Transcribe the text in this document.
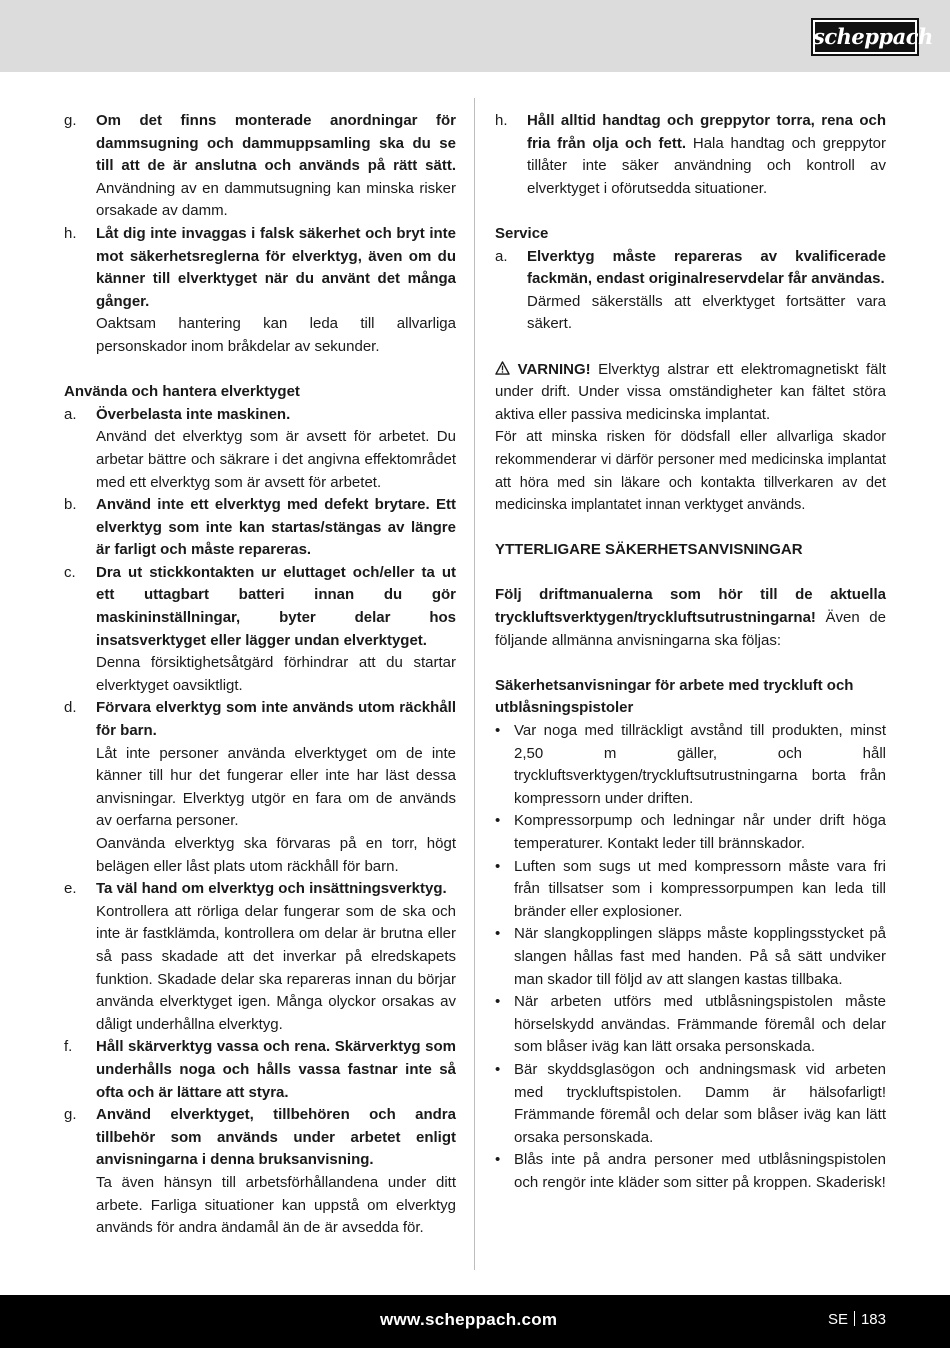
scheppach
g. Om det finns monterade anordningar för dammsugning och dammuppsamling ska du se till att de är anslutna och används på rätt sätt. Användning av en dammutsugning kan minska risker orsakade av damm.
h. Låt dig inte invaggas i falsk säkerhet och bryt inte mot säkerhetsreglerna för elverktyg, även om du känner till elverktyget när du använt det många gånger.
Oaktsam hantering kan leda till allvarliga personskador inom bråkdelar av sekunder.
Använda och hantera elverktyget
a. Överbelasta inte maskinen.
Använd det elverktyg som är avsett för arbetet. Du arbetar bättre och säkrare i det angivna effektområdet med ett elverktyg som är avsett för arbetet.
b. Använd inte ett elverktyg med defekt brytare. Ett elverktyg som inte kan startas/stängas av längre är farligt och måste repareras.
c. Dra ut stickkontakten ur eluttaget och/eller ta ut ett uttagbart batteri innan du gör maskininställningar, byter delar hos insatsverktyget eller lägger undan elverktyget.
Denna försiktighetsåtgärd förhindrar att du startar elverktyget oavsiktligt.
d. Förvara elverktyg som inte används utom räckhåll för barn.
Låt inte personer använda elverktyget om de inte känner till hur det fungerar eller inte har läst dessa anvisningar. Elverktyg utgör en fara om de används av oerfarna personer.
Oanvända elverktyg ska förvaras på en torr, högt belägen eller låst plats utom räckhåll för barn.
e. Ta väl hand om elverktyg och insättningsverktyg.
Kontrollera att rörliga delar fungerar som de ska och inte är fastklämda, kontrollera om delar är brutna eller så pass skadade att det inverkar på elredskapets funktion. Skadade delar ska repareras innan du börjar använda elverktyget igen. Många olyckor orsakas av dåligt underhållna elverktyg.
f. Håll skärverktyg vassa och rena. Skärverktyg som underhålls noga och hålls vassa fastnar inte så ofta och är lättare att styra.
g. Använd elverktyget, tillbehören och andra tillbehör som används under arbetet enligt anvisningarna i denna bruksanvisning.
Ta även hänsyn till arbetsförhållandena under ditt arbete. Farliga situationer kan uppstå om elverktyg används för andra ändamål än de är avsedda för.
h. Håll alltid handtag och greppytor torra, rena och fria från olja och fett. Hala handtag och greppytor tillåter inte säker användning och kontroll av elverktyget i oförutsedda situationer.
Service
a. Elverktyg måste repareras av kvalificerade fackmän, endast originalreservdelar får användas.
Därmed säkerställs att elverktyget fortsätter vara säkert.
VARNING! Elverktyg alstrar ett elektromagnetiskt fält under drift. Under vissa omständigheter kan fältet störa aktiva eller passiva medicinska implantat.
För att minska risken för dödsfall eller allvarliga skador rekommenderar vi därför personer med medicinska implantat att höra med sin läkare och kontakta tillverkaren av det medicinska implantatet innan verktyget används.
YTTERLIGARE SÄKERHETSANVISNINGAR
Följ driftmanualerna som hör till de aktuella tryckluftsverktygen/tryckluftsutrustningarna! Även de följande allmänna anvisningarna ska följas:
Säkerhetsanvisningar för arbete med tryckluft och utblåsningspistoler
• Var noga med tillräckligt avstånd till produkten, minst 2,50 m gäller, och håll tryckluftsverktygen/tryckluftsutrustningarna borta från kompressorn under driften.
• Kompressorpump och ledningar når under drift höga temperaturer. Kontakt leder till brännskador.
• Luften som sugs ut med kompressorn måste vara fri från tillsatser som i kompressorpumpen kan leda till bränder eller explosioner.
• När slangkopplingen släpps måste kopplingsstycket på slangen hållas fast med handen. På så sätt undviker man skador till följd av att slangen kastas tillbaka.
• När arbeten utförs med utblåsningspistolen måste hörselskydd användas. Främmande föremål och delar som blåser iväg kan lätt orsaka personskada.
• Bär skyddsglasögon och andningsmask vid arbeten med tryckluftspistolen. Damm är hälsofarligt! Främmande föremål och delar som blåser iväg kan lätt orsaka personskada.
• Blås inte på andra personer med utblåsningspistolen och rengör inte kläder som sitter på kroppen. Skaderisk!
www.scheppach.com	SE 183
